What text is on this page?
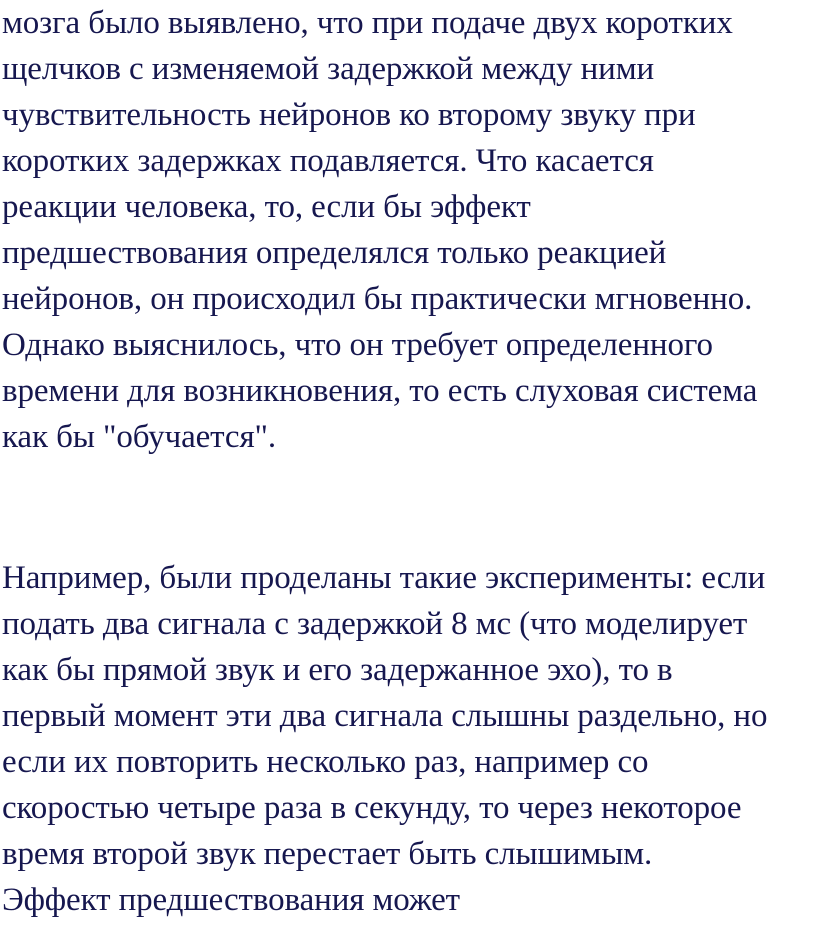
мозга было выявлено, что при подаче двух коротких
щелчков с изменяемой задержкой между ними
чувствительность нейронов ко второму звуку при
коротких задержках подавляется. Что касается
реакции человека, то, если бы эффект
предшествования определялся только реакцией
нейронов, он происходил бы практически мгновенно.
Однако выяснилось, что он требует определенного
времени для возникновения, то есть слуховая система
как бы "обучается".

Например, были проделаны такие эксперименты: если
подать два сигнала с задержкой 8 мс (что моделирует
как бы прямой звук и его задержанное эхо), то в
первый момент эти два сигнала слышны раздельно, но
если их повторить несколько раз, например со
скоростью четыре раза в секунду, то через некоторое
время второй звук перестает быть слышимым.
Эффект предшествования может
